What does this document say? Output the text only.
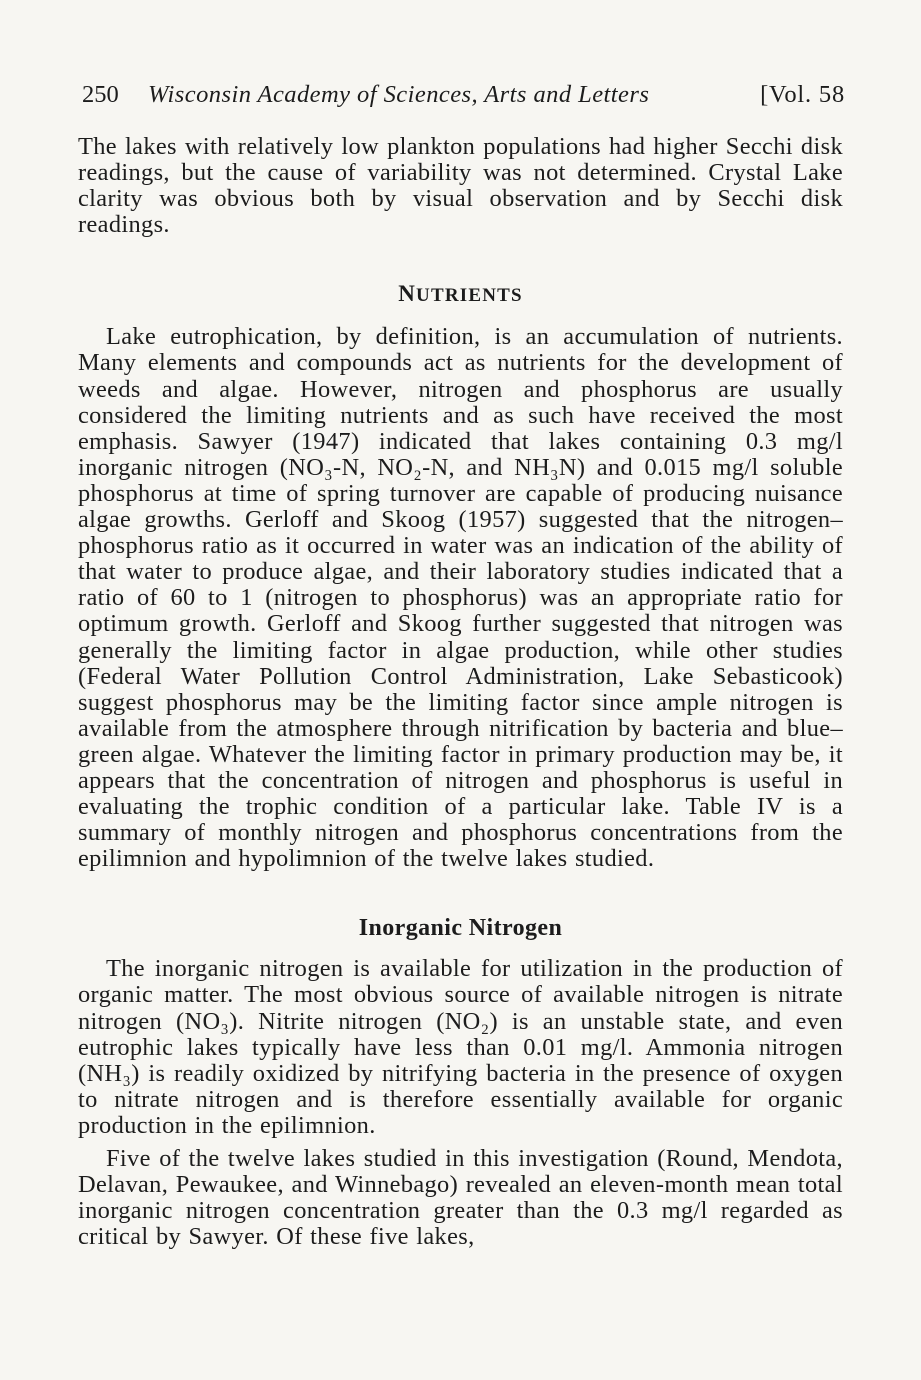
250 Wisconsin Academy of Sciences, Arts and Letters	[Vol. 58

The lakes with relatively low plankton populations had higher Secchi disk readings, but the cause of variability was not determined. Crystal Lake clarity was obvious both by visual observation and by Secchi disk readings.

NUTRIENTS

Lake eutrophication, by definition, is an accumulation of nutrients. Many elements and compounds act as nutrients for the development of weeds and algae. However, nitrogen and phosphorus are usually considered the limiting nutrients and as such have received the most emphasis. Sawyer (1947) indicated that lakes containing 0.3 mg/l inorganic nitrogen (NO₃-N, NO₂-N, and NH₃N) and 0.015 mg/l soluble phosphorus at time of spring turnover are capable of producing nuisance algae growths. Gerloff and Skoog (1957) suggested that the nitrogen–phosphorus ratio as it occurred in water was an indication of the ability of that water to produce algae, and their laboratory studies indicated that a ratio of 60 to 1 (nitrogen to phosphorus) was an appropriate ratio for optimum growth. Gerloff and Skoog further suggested that nitrogen was generally the limiting factor in algae production, while other studies (Federal Water Pollution Control Administration, Lake Sebasticook) suggest phosphorus may be the limiting factor since ample nitrogen is available from the atmosphere through nitrification by bacteria and blue–green algae. Whatever the limiting factor in primary production may be, it appears that the concentration of nitrogen and phosphorus is useful in evaluating the trophic condition of a particular lake. Table IV is a summary of monthly nitrogen and phosphorus concentrations from the epilimnion and hypolimnion of the twelve lakes studied.

Inorganic Nitrogen

The inorganic nitrogen is available for utilization in the production of organic matter. The most obvious source of available nitrogen is nitrate nitrogen (NO₃). Nitrite nitrogen (NO₂) is an unstable state, and even eutrophic lakes typically have less than 0.01 mg/l. Ammonia nitrogen (NH₃) is readily oxidized by nitrifying bacteria in the presence of oxygen to nitrate nitrogen and is therefore essentially available for organic production in the epilimnion.

Five of the twelve lakes studied in this investigation (Round, Mendota, Delavan, Pewaukee, and Winnebago) revealed an eleven-month mean total inorganic nitrogen concentration greater than the 0.3 mg/l regarded as critical by Sawyer. Of these five lakes,
